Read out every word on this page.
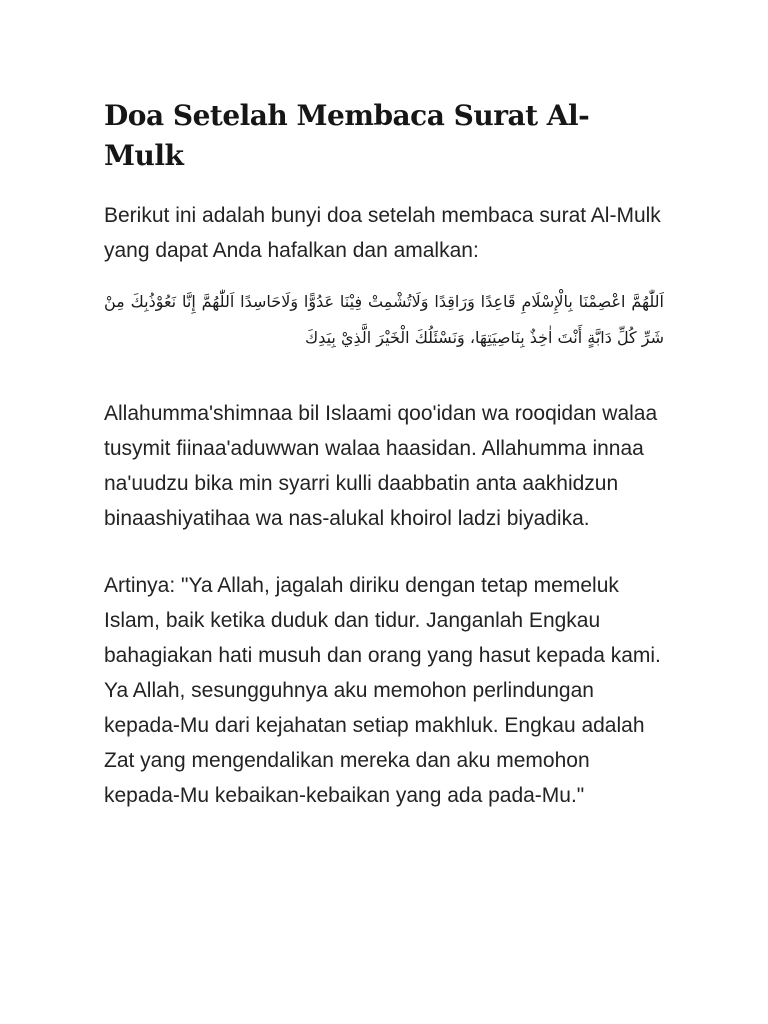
Doa Setelah Membaca Surat Al-Mulk

Berikut ini adalah bunyi doa setelah membaca surat Al-Mulk yang dapat Anda hafalkan dan amalkan:

اَللّٰهُمَّ اعْصِمْنَا بِالْإِسْلَامِ قَاعِدًا وَرَاقِدًا وَلَاتُشْمِتْ فِيْنَا عَدُوًّا وَلَاحَاسِدًا اَللّٰهُمَّ إِنَّا نَعُوْذُبِكَ مِنْ شَرِّ كُلِّ دَابَّةٍ أَنْتَ اٰخِذٌ بِنَاصِيَتِهَا، وَنَسْئَلُكَ الْخَيْرَ الَّذِيْ بِيَدِكَ

Allahumma'shimnaa bil Islaami qoo'idan wa rooqidan walaa tusymit fiinaa'aduwwan walaa haasidan. Allahumma innaa na'uudzu bika min syarri kulli daabbatin anta aakhidzun binaashiyatihaa wa nas-alukal khoirol ladzi biyadika.

Artinya: "Ya Allah, jagalah diriku dengan tetap memeluk Islam, baik ketika duduk dan tidur. Janganlah Engkau bahagiakan hati musuh dan orang yang hasut kepada kami. Ya Allah, sesungguhnya aku memohon perlindungan kepada-Mu dari kejahatan setiap makhluk. Engkau adalah Zat yang mengendalikan mereka dan aku memohon kepada-Mu kebaikan-kebaikan yang ada pada-Mu."
